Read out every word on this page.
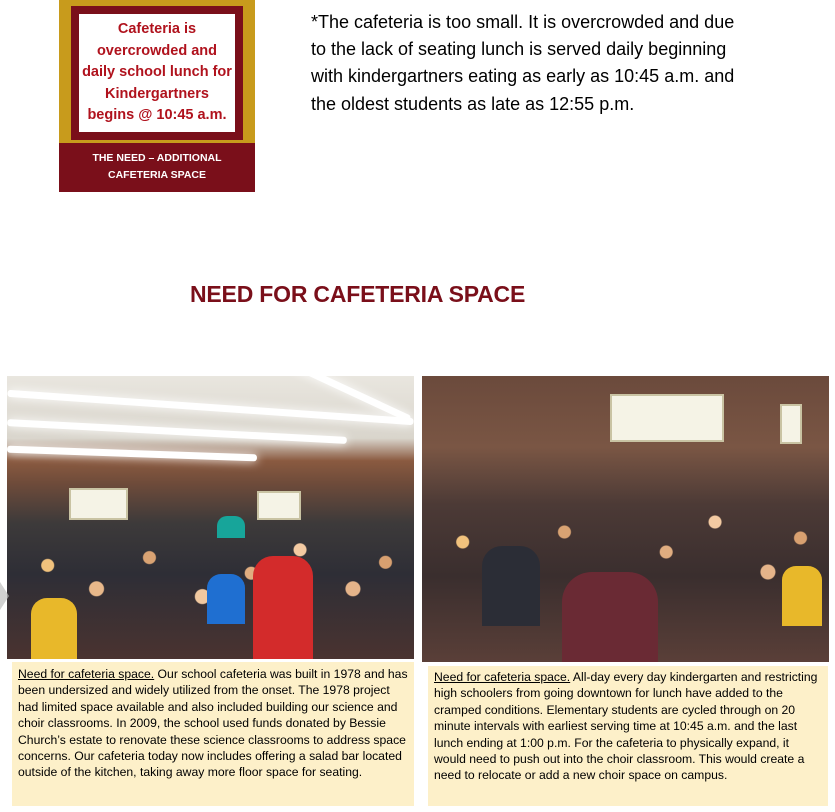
Cafeteria is
overcrowded and
daily school lunch for
Kindergartners
begins @ 10:45 a.m.
THE NEED – ADDITIONAL
CAFETERIA SPACE
*The cafeteria is too small. It is overcrowded and due to the lack of seating lunch is served daily beginning with kindergartners eating as early as 10:45 a.m. and the oldest students as late as 12:55 p.m.
NEED FOR CAFETERIA SPACE
Need for cafeteria space. Our school cafeteria was built in 1978 and has been undersized and widely utilized from the onset. The 1978 project had limited space available and also included building our science and choir classrooms. In 2009, the school used funds donated by Bessie Church’s estate to renovate these science classrooms to address space concerns. Our cafeteria today now includes offering a salad bar located outside of the kitchen, taking away more floor space for seating.
Need for cafeteria space. All-day every day kindergarten and restricting high schoolers from going downtown for lunch have added to the cramped conditions. Elementary students are cycled through on 20 minute intervals with earliest serving time at 10:45 a.m. and the last lunch ending at 1:00 p.m. For the cafeteria to physically expand, it would need to push out into the choir classroom. This would create a need to relocate or add a new choir space on campus.
